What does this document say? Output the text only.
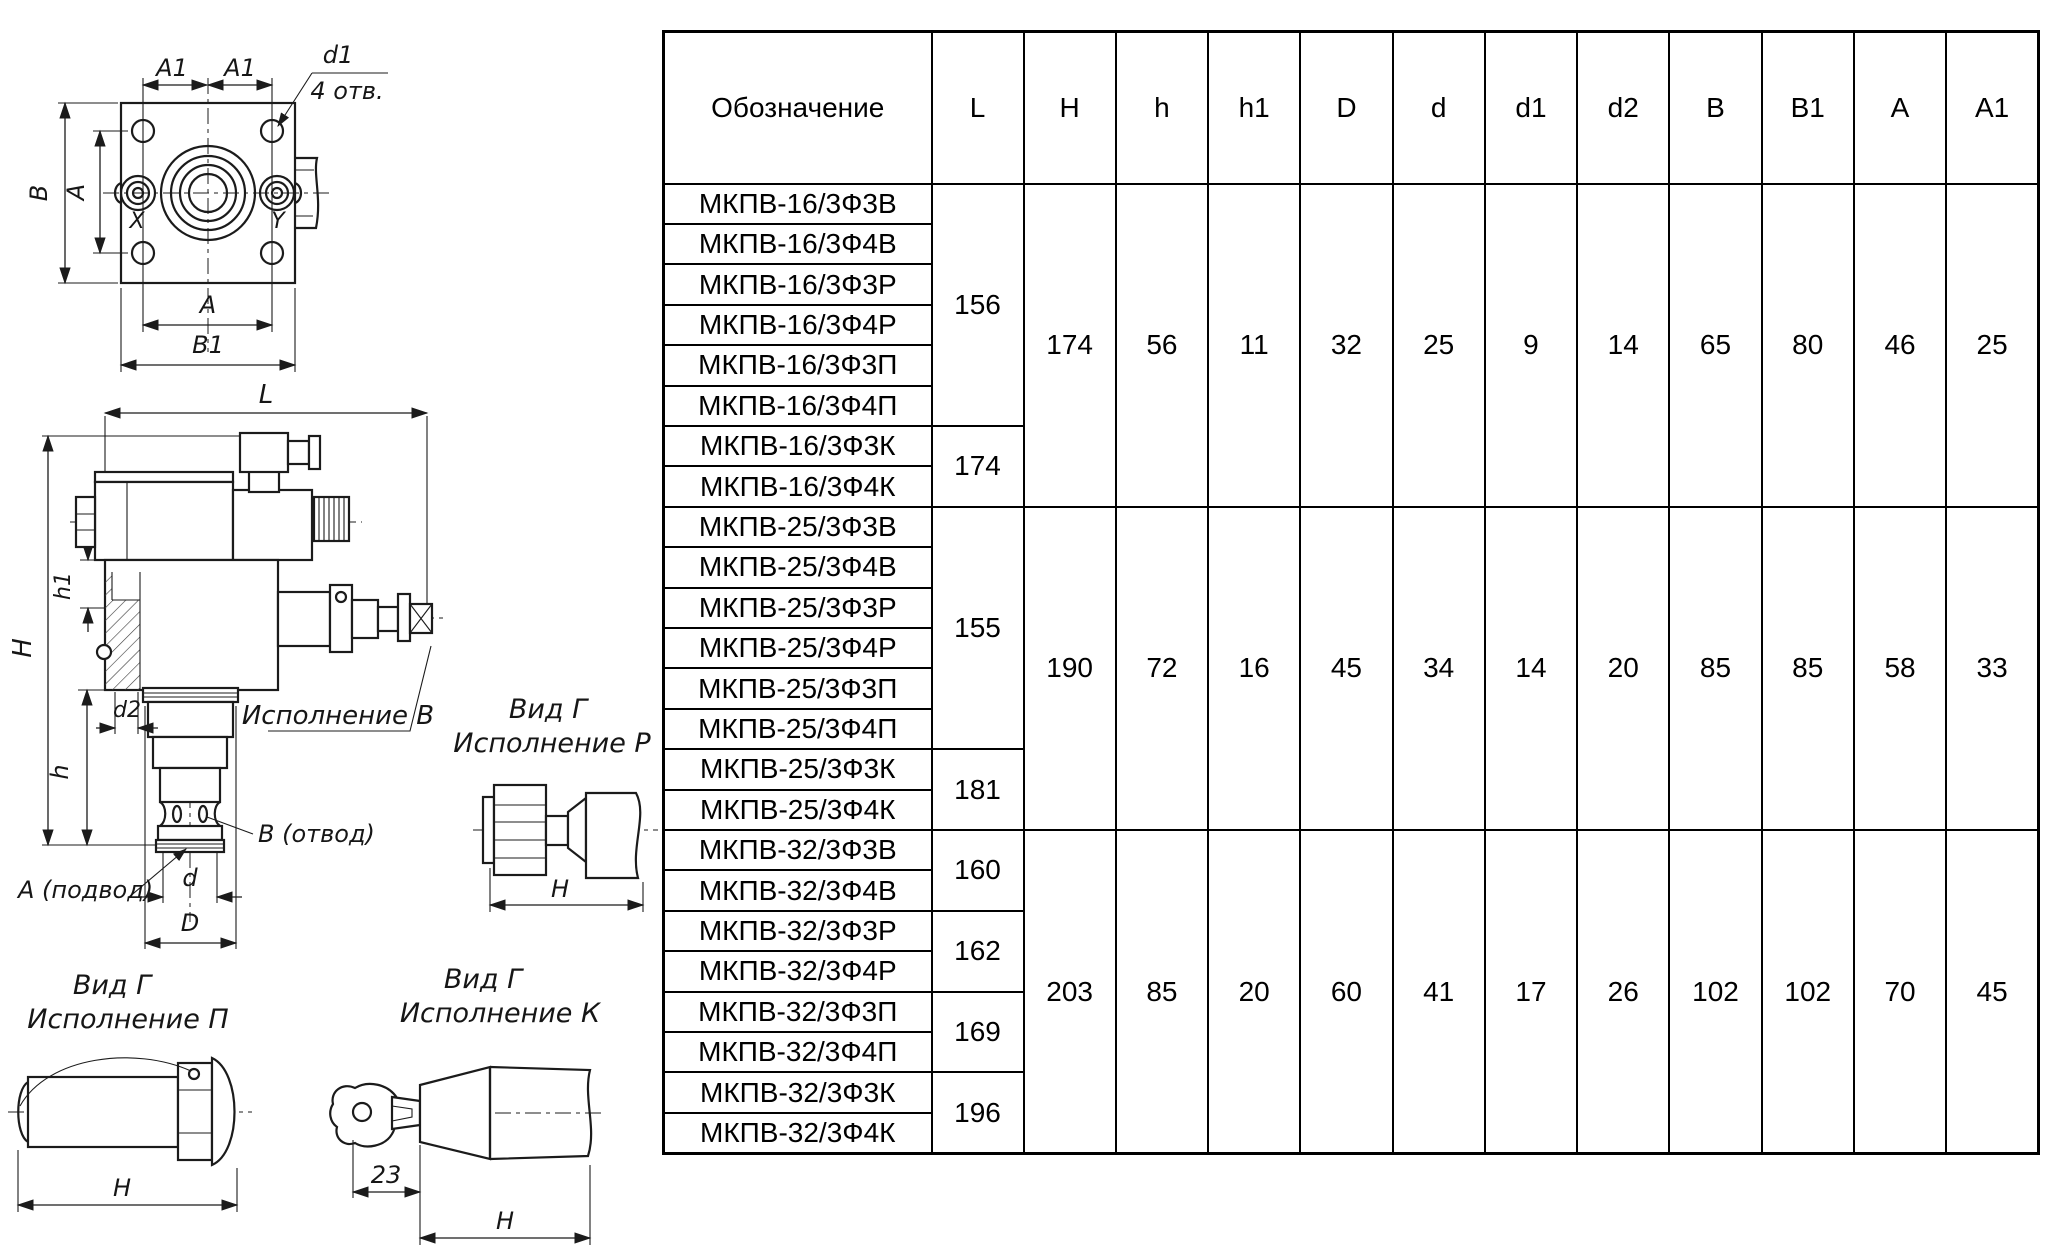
A1 A1	d1
4 отв.
B A
X	Y
A
B1
L
H
h1
h
Исполнение В
d2
В (отвод)
А (подвод) d
D
Вид Г
Исполнение Р
H
Вид Г
Исполнение П
H
Вид Г
Исполнение К
23
H
Обозначение	L	H	h	h1	D	d	d1	d2	B	B1	A	A1
МКПВ-16/3Ф3В	156	174	56	11	32	25	9	14	65	80	46	25
МКПВ-16/3Ф4В												
МКПВ-16/3Ф3Р												
МКПВ-16/3Ф4Р												
МКПВ-16/3Ф3П												
МКПВ-16/3Ф4П												
МКПВ-16/3Ф3К	174											
МКПВ-16/3Ф4К												
МКПВ-25/3Ф3В	155	190	72	16	45	34	14	20	85	85	58	33
МКПВ-25/3Ф4В												
МКПВ-25/3Ф3Р												
МКПВ-25/3Ф4Р												
МКПВ-25/3Ф3П												
МКПВ-25/3Ф4П												
МКПВ-25/3Ф3К	181											
МКПВ-25/3Ф4К												
МКПВ-32/3Ф3В	160	203	85	20	60	41	17	26	102	102	70	45
МКПВ-32/3Ф4В												
МКПВ-32/3Ф3Р	162											
МКПВ-32/3Ф4Р												
МКПВ-32/3Ф3П	169											
МКПВ-32/3Ф4П												
МКПВ-32/3Ф3К	196											
МКПВ-32/3Ф4К												
